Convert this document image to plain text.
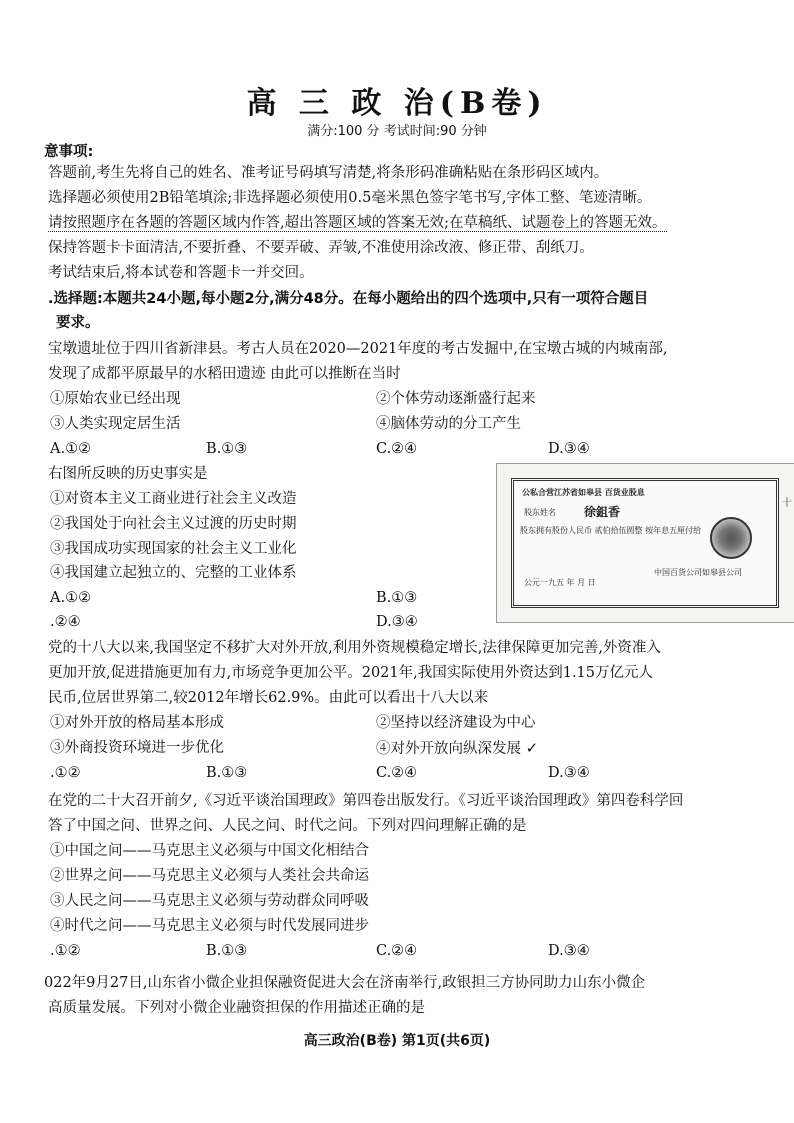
高 三 政 治(B卷)
满分:100 分 考试时间:90 分钟
意事项:
答题前,考生先将自己的姓名、准考证号码填写清楚,将条形码准确粘贴在条形码区域内。
选择题必须使用2B铅笔填涂;非选择题必须使用0.5毫米黑色签字笔书写,字体工整、笔迹清晰。
请按照题序在各题的答题区域内作答,超出答题区域的答案无效;在草稿纸、试题卷上的答题无效。
保持答题卡卡面清洁,不要折叠、不要弄破、弄皱,不准使用涂改液、修正带、刮纸刀。
考试结束后,将本试卷和答题卡一并交回。
.选择题:本题共24小题,每小题2分,满分48分。在每小题给出的四个选项中,只有一项符合题目
要求。
宝墩遗址位于四川省新津县。考古人员在2020—2021年度的考古发掘中,在宝墩古城的内城南部,
发现了成都平原最早的水稻田遗迹 由此可以推断在当时
①原始农业已经出现	②个体劳动逐渐盛行起来
③人类实现定居生活	④脑体劳动的分工产生
A.①②	B.①③	C.②④	D.③④
右图所反映的历史事实是
①对资本主义工商业进行社会主义改造
②我国处于向社会主义过渡的历史时期
③我国成功实现国家的社会主义工业化
④我国建立起独立的、完整的工业体系
A.①②	B.①③
.②④	D.③④
公私合营江苏省如皋县 百货业股息
股东姓名 徐鉏香
股东拥有股份人民币 贰伯拾伍圆整 按年息五厘付给
公元一九五 年 月 日
中国百货公司如皋县公司
十
党的十八大以来,我国坚定不移扩大对外开放,利用外资规模稳定增长,法律保障更加完善,外资准入
更加开放,促进措施更加有力,市场竞争更加公平。2021年,我国实际使用外资达到1.15万亿元人
民币,位居世界第二,较2012年增长62.9%。由此可以看出十八大以来
①对外开放的格局基本形成	②坚持以经济建设为中心
③外商投资环境进一步优化	④对外开放向纵深发展 ✓
.①②	B.①③	C.②④	D.③④
在党的二十大召开前夕,《习近平谈治国理政》第四卷出版发行。《习近平谈治国理政》第四卷科学回
答了中国之问、世界之问、人民之问、时代之问。下列对四问理解正确的是
①中国之问——马克思主义必须与中国文化相结合
②世界之问——马克思主义必须与人类社会共命运
③人民之问——马克思主义必须与劳动群众同呼吸
④时代之问——马克思主义必须与时代发展同进步
.①②	B.①③	C.②④	D.③④
022年9月27日,山东省小微企业担保融资促进大会在济南举行,政银担三方协同助力山东小微企
高质量发展。下列对小微企业融资担保的作用描述正确的是
高三政治(B卷) 第1页(共6页)
